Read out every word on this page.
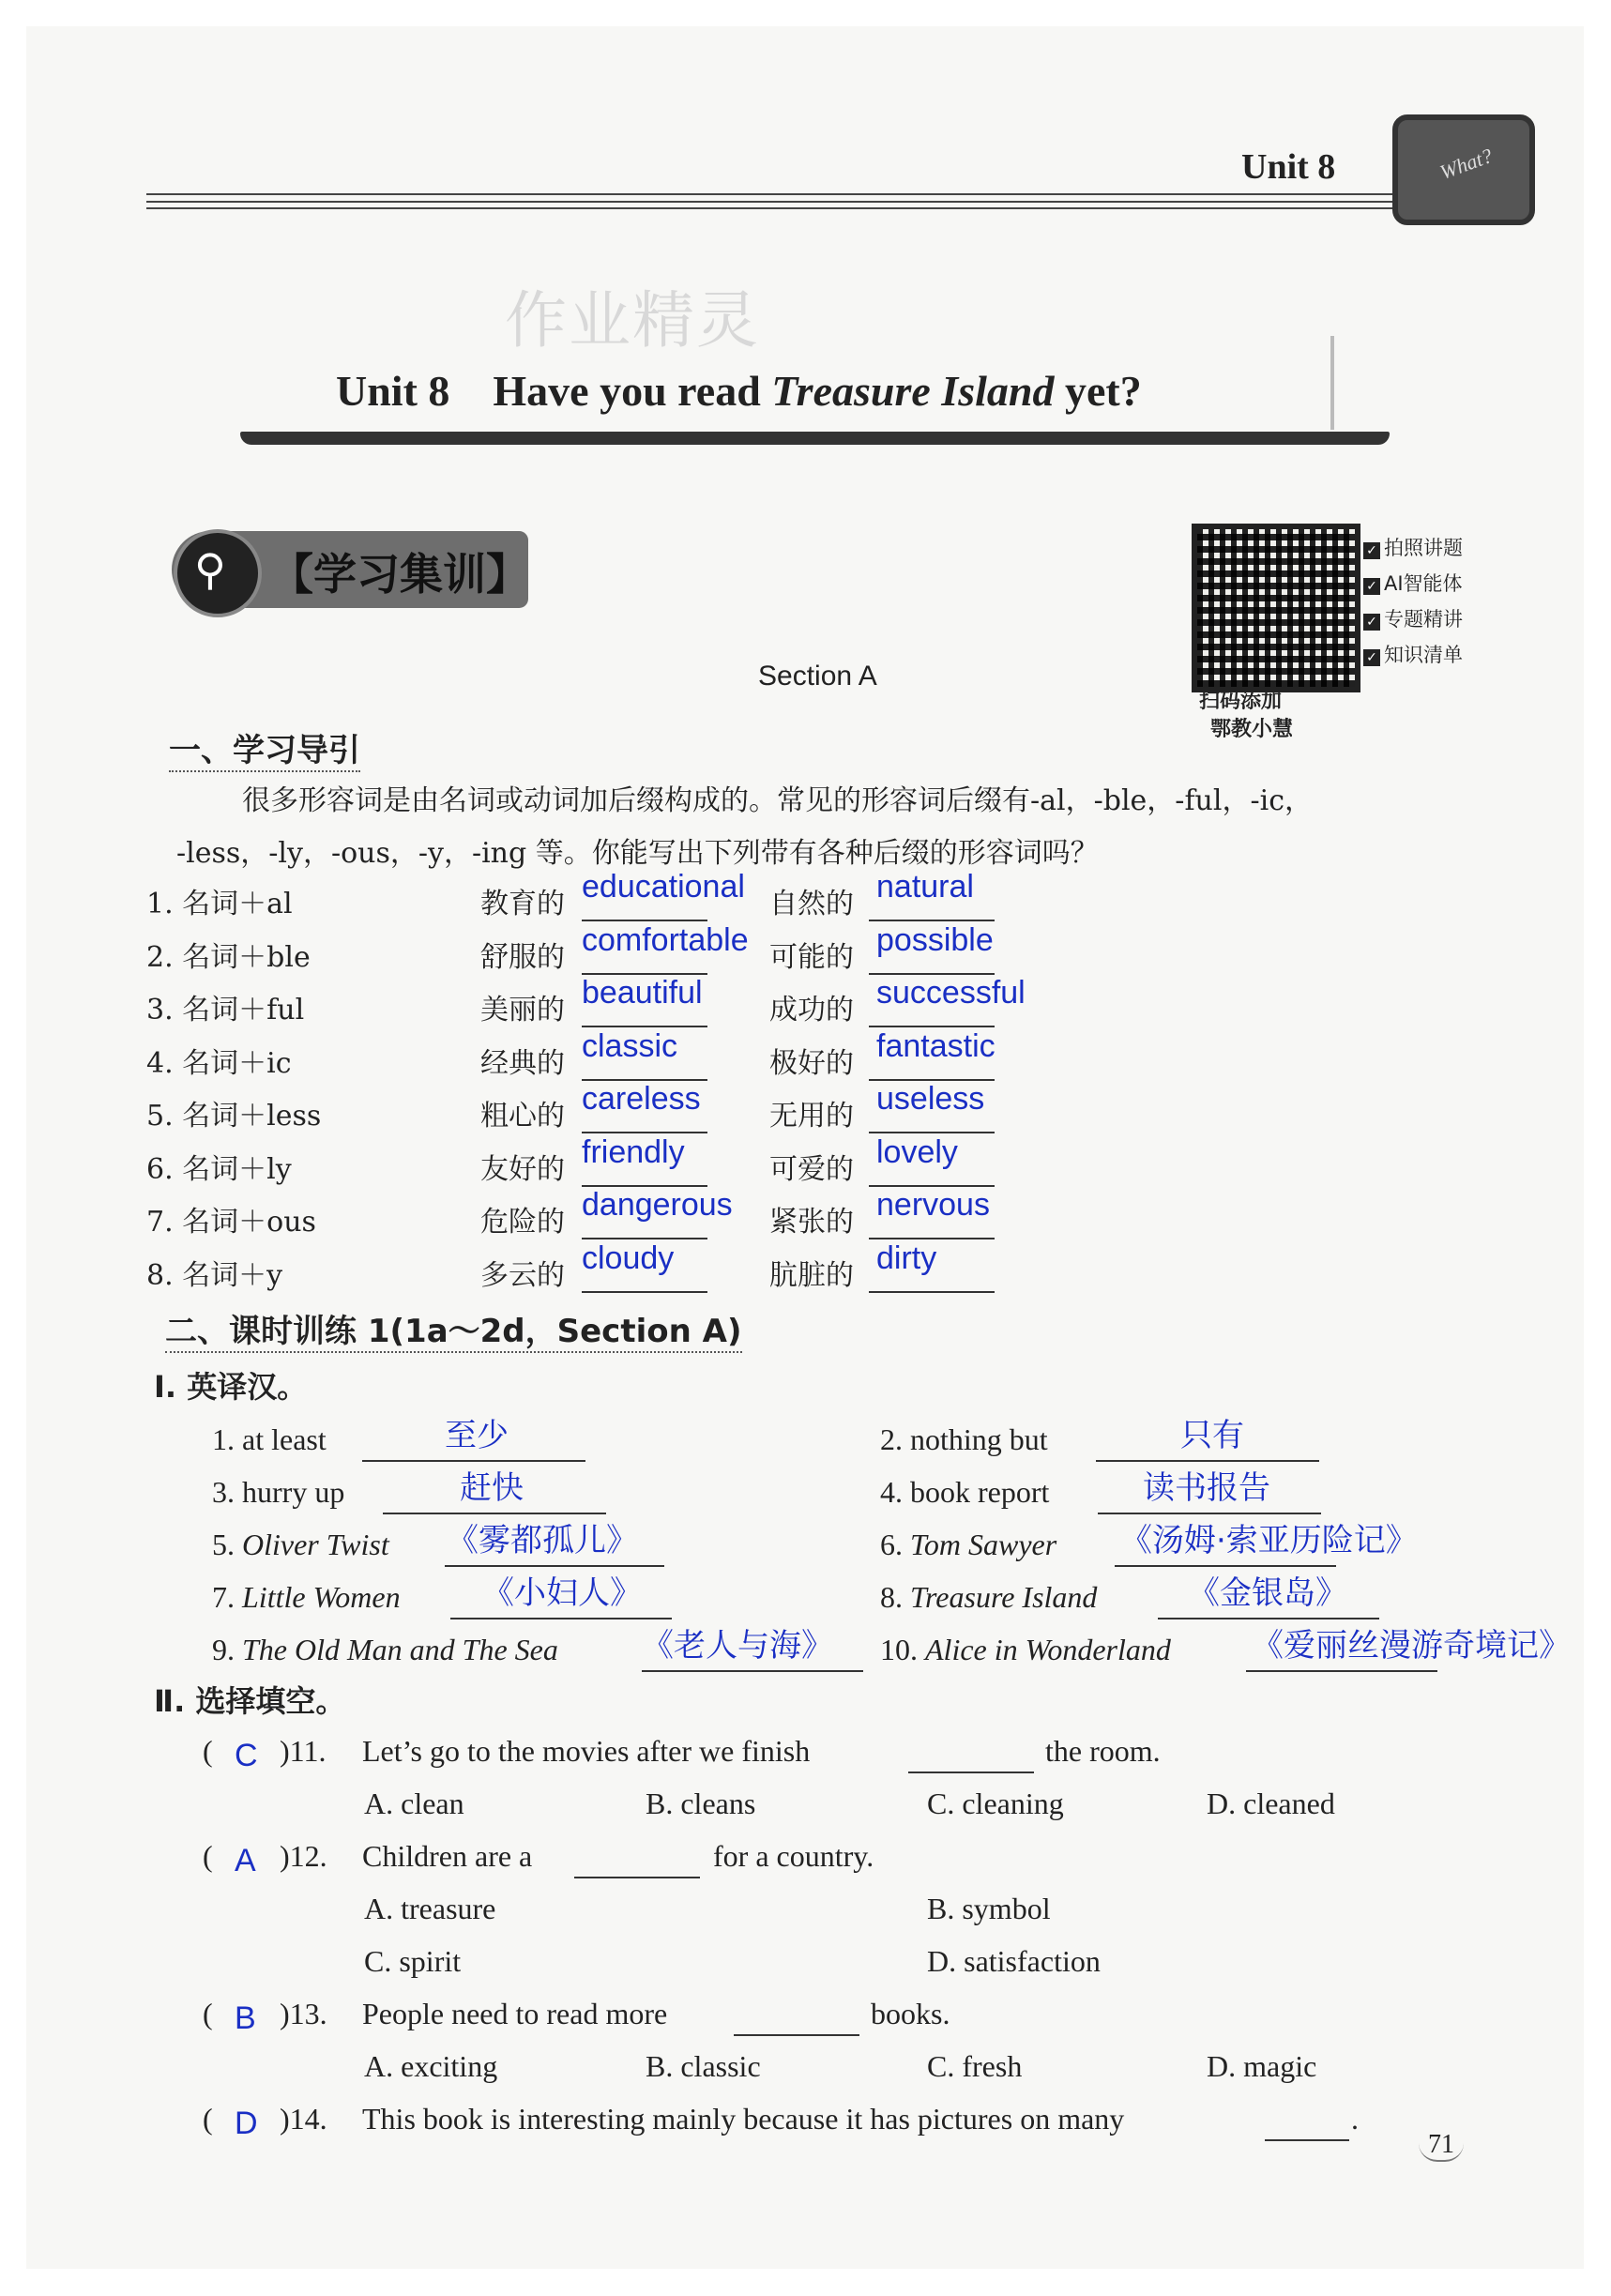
Unit 8	What?
作业精灵
Unit 8 Have you read Treasure Island yet?
⚲ 【学习集训】	✓ 拍照讲题
✓ AI智能体
✓ 专题精讲
✓ 知识清单
扫码添加
鄂教小慧
Section A
一、学习导引

很多形容词是由名词或动词加后缀构成的。常见的形容词后缀有-al，-ble，-ful，-ic，

-less，-ly，-ous，-y，-ing 等。你能写出下列带有各种后缀的形容词吗？

二、课时训练 1(1a～2d，Section A)
Ⅰ. 英译汉。
Ⅱ. 选择填空。
71
1. 名词＋al	教育的 educational 自然的 natural
2. 名词＋ble	舒服的 comfortable 可能的 possible
3. 名词＋ful	美丽的 beautiful 成功的 successful
4. 名词＋ic	经典的 classic	极好的 fantastic
5. 名词＋less	粗心的 careless 无用的 useless
6. 名词＋ly	友好的 friendly	可爱的 lovely
7. 名词＋ous	危险的 dangerous 紧张的 nervous
8. 名词＋y	多云的 cloudy	肮脏的 dirty
1. at least	至少	2. nothing but	只有
3. hurry up	赶快	4. book report	读书报告
5. Oliver Twist 《雾都孤儿》	6. Tom Sawyer 《汤姆·索亚历险记》
7. Little Women	《小妇人》	8. Treasure Island	《金银岛》
9. The Old Man and The Sea	《老人与海》 10. Alice in Wonderland	《爱丽丝漫游奇境记》
( C )11. Let’s go to the movies after we finish	the room.
A. clean	B. cleans	C. cleaning	D. cleaned
( A )12. Children are a	for a country.
A. treasure	B. symbol
C. spirit	D. satisfaction
( B )13. People need to read more	books.
A. exciting	B. classic	C. fresh	D. magic
( D )14. This book is interesting mainly because it has pictures on many	.
